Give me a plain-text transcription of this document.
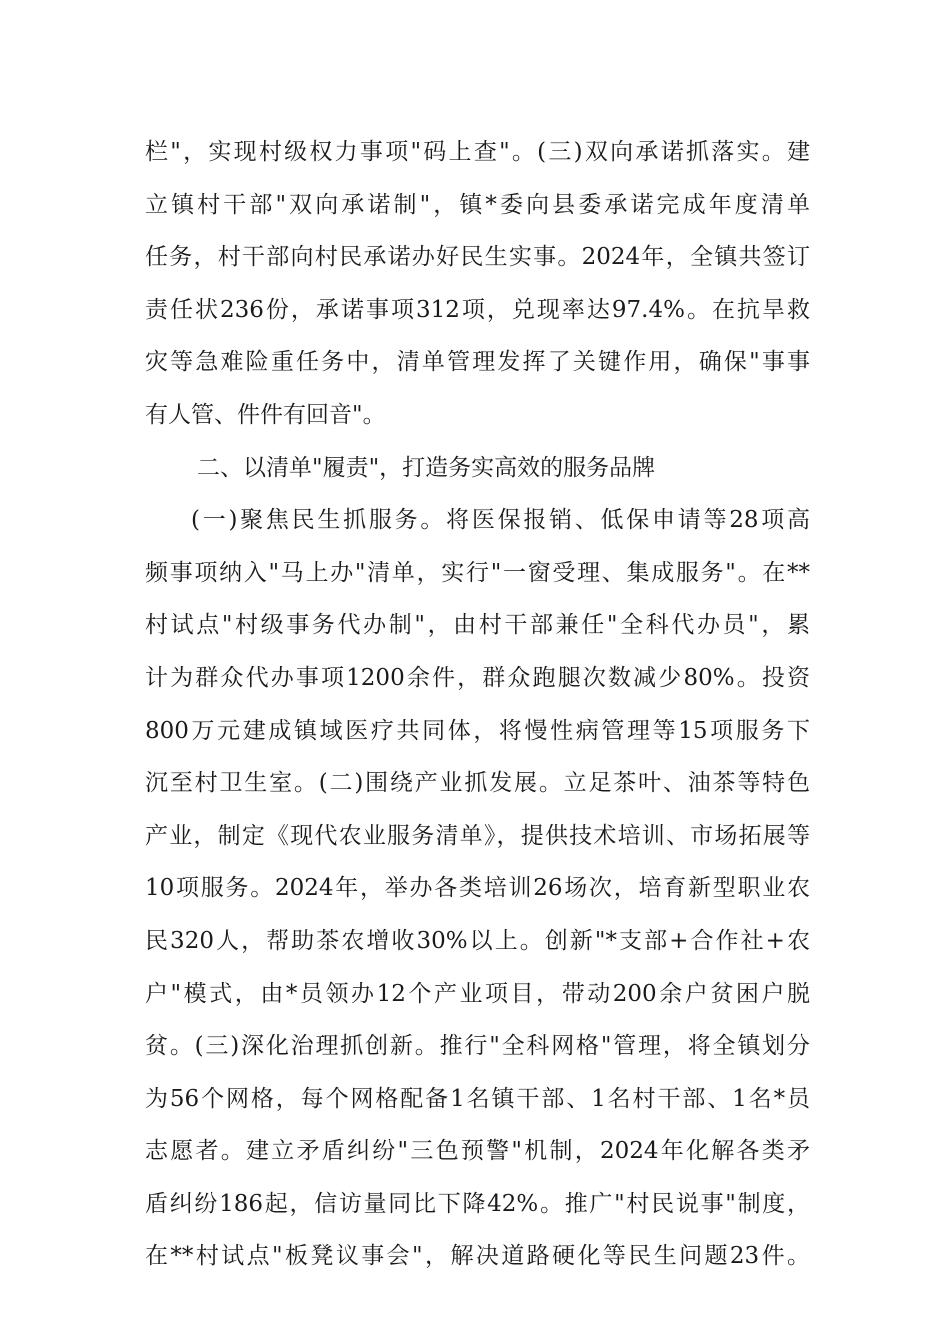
栏"，实现村级权力事项"码上查"。(三)双向承诺抓落实。建
立镇村干部"双向承诺制"，镇*委向县委承诺完成年度清单
任务，村干部向村民承诺办好民生实事。2024年，全镇共签订
责任状236份，承诺事项312项，兑现率达97.4%。在抗旱救
灾等急难险重任务中，清单管理发挥了关键作用，确保"事事
有人管、件件有回音"。
二、以清单"履责"，打造务实高效的服务品牌
(一)聚焦民生抓服务。将医保报销、低保申请等28项高
频事项纳入"马上办"清单，实行"一窗受理、集成服务"。在**
村试点"村级事务代办制"，由村干部兼任"全科代办员"，累
计为群众代办事项1200余件，群众跑腿次数减少80%。投资
800万元建成镇域医疗共同体，将慢性病管理等15项服务下
沉至村卫生室。(二)围绕产业抓发展。立足茶叶、油茶等特色
产业，制定《现代农业服务清单》，提供技术培训、市场拓展等
10项服务。2024年，举办各类培训26场次，培育新型职业农
民320人，帮助茶农增收30%以上。创新"*支部+合作社+农
户"模式，由*员领办12个产业项目，带动200余户贫困户脱
贫。(三)深化治理抓创新。推行"全科网格"管理，将全镇划分
为56个网格，每个网格配备1名镇干部、1名村干部、1名*员
志愿者。建立矛盾纠纷"三色预警"机制，2024年化解各类矛
盾纠纷186起，信访量同比下降42%。推广"村民说事"制度，
在**村试点"板凳议事会"，解决道路硬化等民生问题23件。
